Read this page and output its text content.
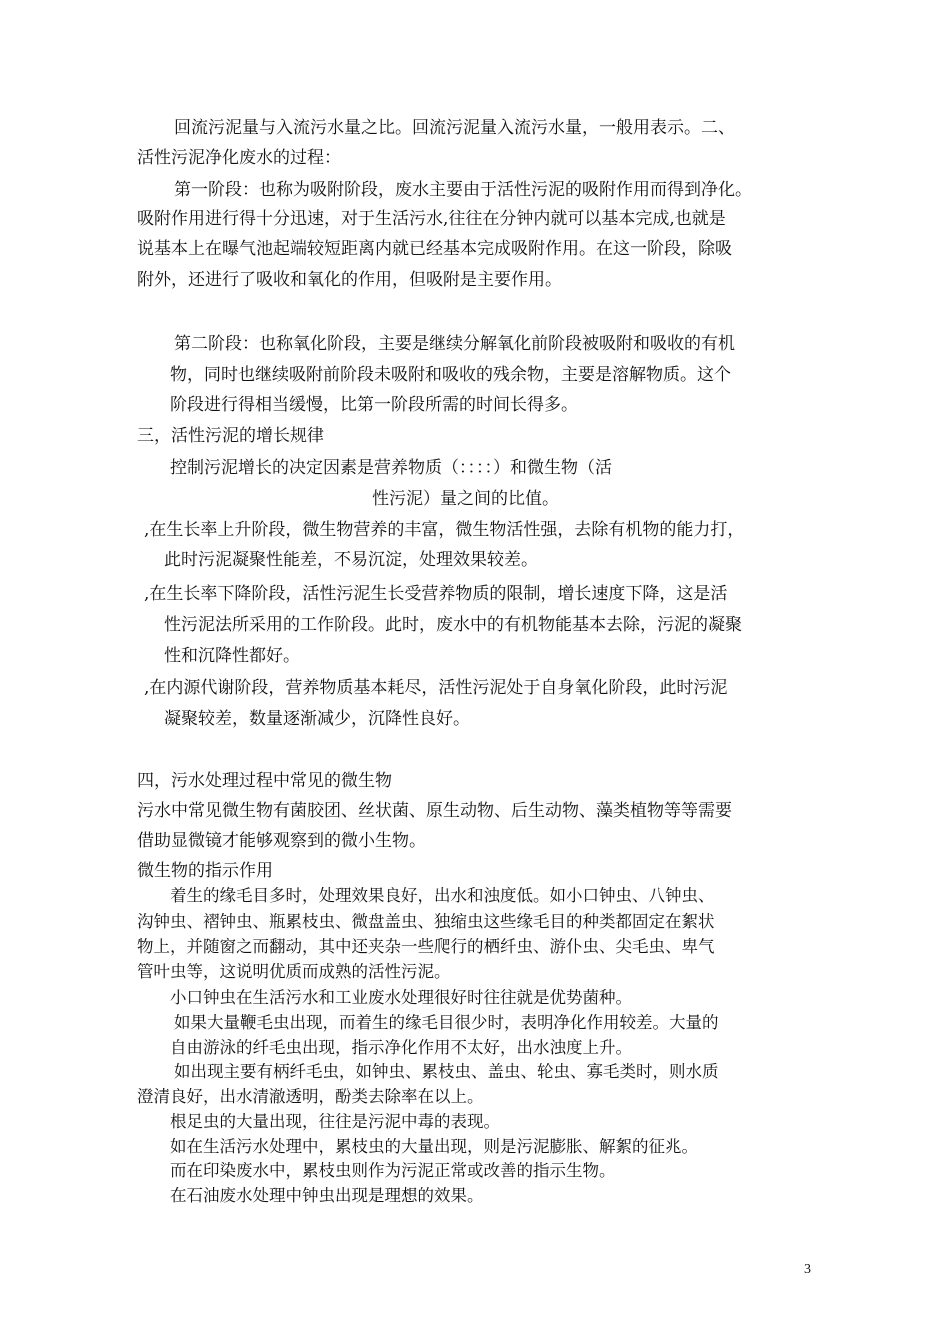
回流污泥量与入流污水量之比。回流污泥量入流污水量，一般用表示。二、

活性污泥净化废水的过程：

第一阶段：也称为吸附阶段，废水主要由于活性污泥的吸附作用而得到净化。

吸附作用进行得十分迅速，对于生活污水,往往在分钟内就可以基本完成,也就是

说基本上在曝气池起端较短距离内就已经基本完成吸附作用。在这一阶段，除吸

附外，还进行了吸收和氧化的作用，但吸附是主要作用。

第二阶段：也称氧化阶段，主要是继续分解氧化前阶段被吸附和吸收的有机

物，同时也继续吸附前阶段未吸附和吸收的残余物，主要是溶解物质。这个

阶段进行得相当缓慢，比第一阶段所需的时间长得多。

三，活性污泥的增长规律

控制污泥增长的决定因素是营养物质（：：：：）和微生物（活

性污泥）量之间的比值。

,在生长率上升阶段，微生物营养的丰富，微生物活性强，去除有机物的能力打，

此时污泥凝聚性能差，不易沉淀，处理效果较差。

,在生长率下降阶段，活性污泥生长受营养物质的限制，增长速度下降，这是活

性污泥法所采用的工作阶段。此时，废水中的有机物能基本去除，污泥的凝聚

性和沉降性都好。

,在内源代谢阶段，营养物质基本耗尽，活性污泥处于自身氧化阶段，此时污泥

凝聚较差，数量逐渐减少，沉降性良好。

四，污水处理过程中常见的微生物

污水中常见微生物有菌胶团、丝状菌、原生动物、后生动物、藻类植物等等需要

借助显微镜才能够观察到的微小生物。

微生物的指示作用

着生的缘毛目多时，处理效果良好，出水和浊度低。如小口钟虫、八钟虫、

沟钟虫、褶钟虫、瓶累枝虫、微盘盖虫、独缩虫这些缘毛目的种类都固定在絮状

物上，并随窗之而翻动，其中还夹杂一些爬行的栖纤虫、游仆虫、尖毛虫、卑气

管叶虫等，这说明优质而成熟的活性污泥。

小口钟虫在生活污水和工业废水处理很好时往往就是优势菌种。

如果大量鞭毛虫出现，而着生的缘毛目很少时，表明净化作用较差。大量的

自由游泳的纤毛虫出现，指示净化作用不太好，出水浊度上升。

如出现主要有柄纤毛虫，如钟虫、累枝虫、盖虫、轮虫、寡毛类时，则水质

澄清良好，出水清澈透明，酚类去除率在以上。

根足虫的大量出现，往往是污泥中毒的表现。

如在生活污水处理中，累枝虫的大量出现，则是污泥膨胀、解絮的征兆。

而在印染废水中，累枝虫则作为污泥正常或改善的指示生物。

在石油废水处理中钟虫出现是理想的效果。

3
